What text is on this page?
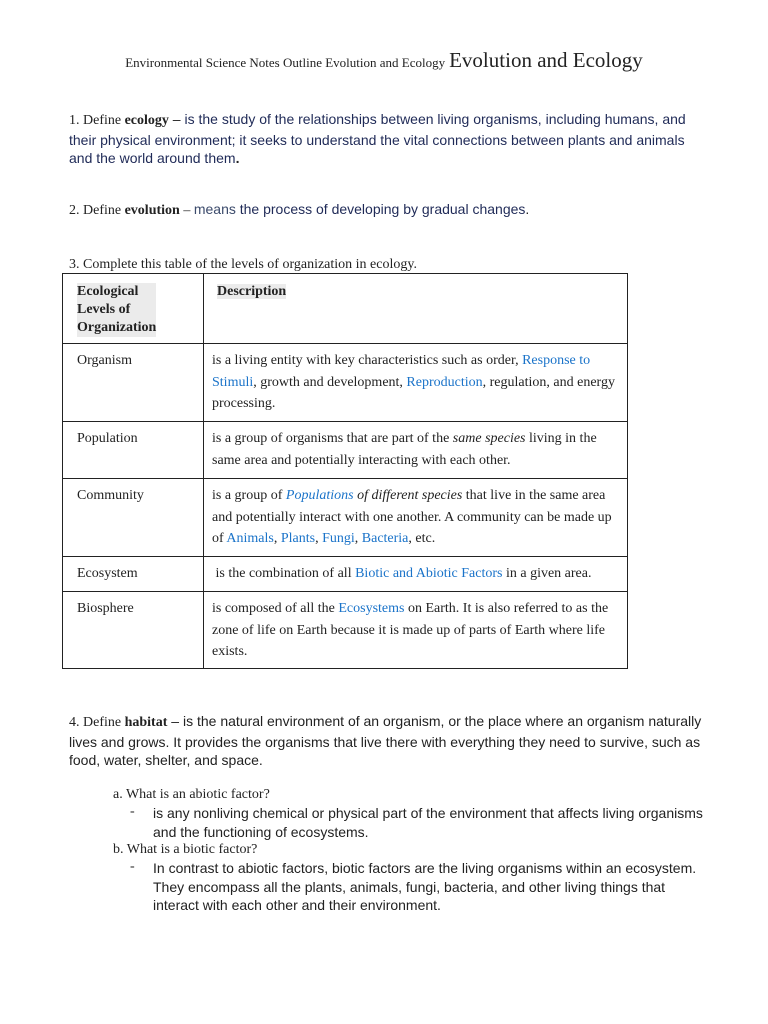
Environmental Science Notes Outline Evolution and Ecology Evolution and Ecology
1. Define ecology – is the study of the relationships between living organisms, including humans, and their physical environment; it seeks to understand the vital connections between plants and animals and the world around them.
2. Define evolution – means the process of developing by gradual changes.
3. Complete this table of the levels of organization in ecology.
Ecological
Levels of
Organization	Description
Organism	is a living entity with key characteristics such as order, Response to Stimuli, growth and development, Reproduction, regulation, and energy processing.
Population	is a group of organisms that are part of the same species living in the same area and potentially interacting with each other.
Community	is a group of Populations of different species that live in the same area and potentially interact with one another. A community can be made up of Animals, Plants, Fungi, Bacteria, etc.
Ecosystem	is the combination of all Biotic and Abiotic Factors in a given area.
Biosphere	is composed of all the Ecosystems on Earth. It is also referred to as the zone of life on Earth because it is made up of parts of Earth where life exists.
4. Define habitat – is the natural environment of an organism, or the place where an organism naturally lives and grows. It provides the organisms that live there with everything they need to survive, such as food, water, shelter, and space.
a. What is an abiotic factor?
- is any nonliving chemical or physical part of the environment that affects living organisms and the functioning of ecosystems.
b. What is a biotic factor?
- In contrast to abiotic factors, biotic factors are the living organisms within an ecosystem. They encompass all the plants, animals, fungi, bacteria, and other living things that interact with each other and their environment.
